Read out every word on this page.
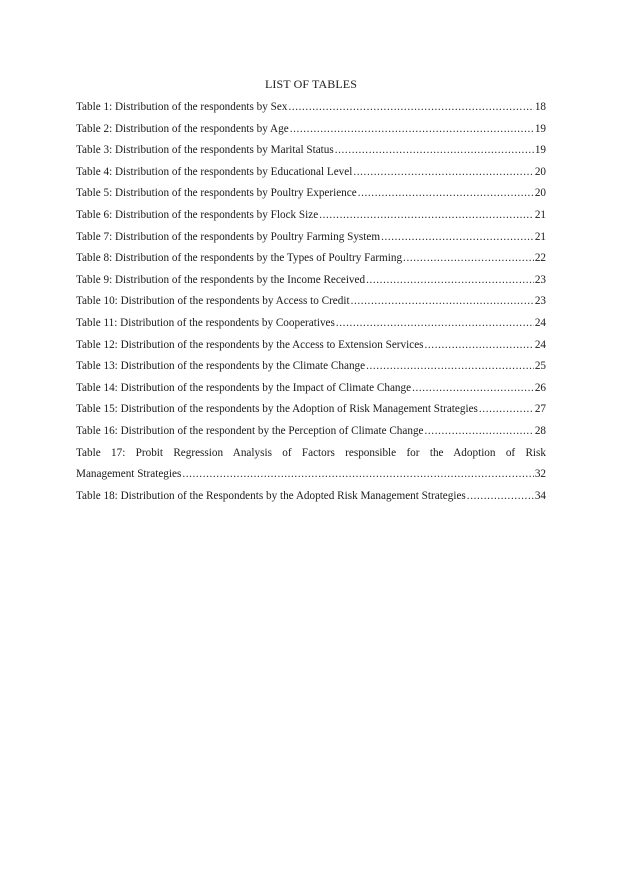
LIST OF TABLES
Table 1: Distribution of the respondents by Sex .....	18
Table 2: Distribution of the respondents by Age .....	19
Table 3: Distribution of the respondents by Marital Status .....	19
Table 4: Distribution of the respondents by Educational Level .....	20
Table 5: Distribution of the respondents by Poultry Experience .....	20
Table 6: Distribution of the respondents by Flock Size .....	21
Table 7: Distribution of the respondents by Poultry Farming System .....	21
Table 8: Distribution of the respondents by the Types of Poultry Farming .....	22
Table 9: Distribution of the respondents by the Income Received .....	23
Table 10: Distribution of the respondents by Access to Credit .....	23
Table 11: Distribution of the respondents by Cooperatives .....	24
Table 12: Distribution of the respondents by the Access to Extension Services .....	24
Table 13: Distribution of the respondents by the Climate Change .....	25
Table 14: Distribution of the respondents by the Impact of Climate Change .....	26
Table 15: Distribution of the respondents by the Adoption of Risk Management Strategies .....	27
Table 16: Distribution of the respondent by the Perception of Climate Change .....	28
Table 17: Probit Regression Analysis of Factors responsible for the Adoption of Risk
Management Strategies .....	32
Table 18: Distribution of the Respondents by the Adopted Risk Management Strategies .....	34
